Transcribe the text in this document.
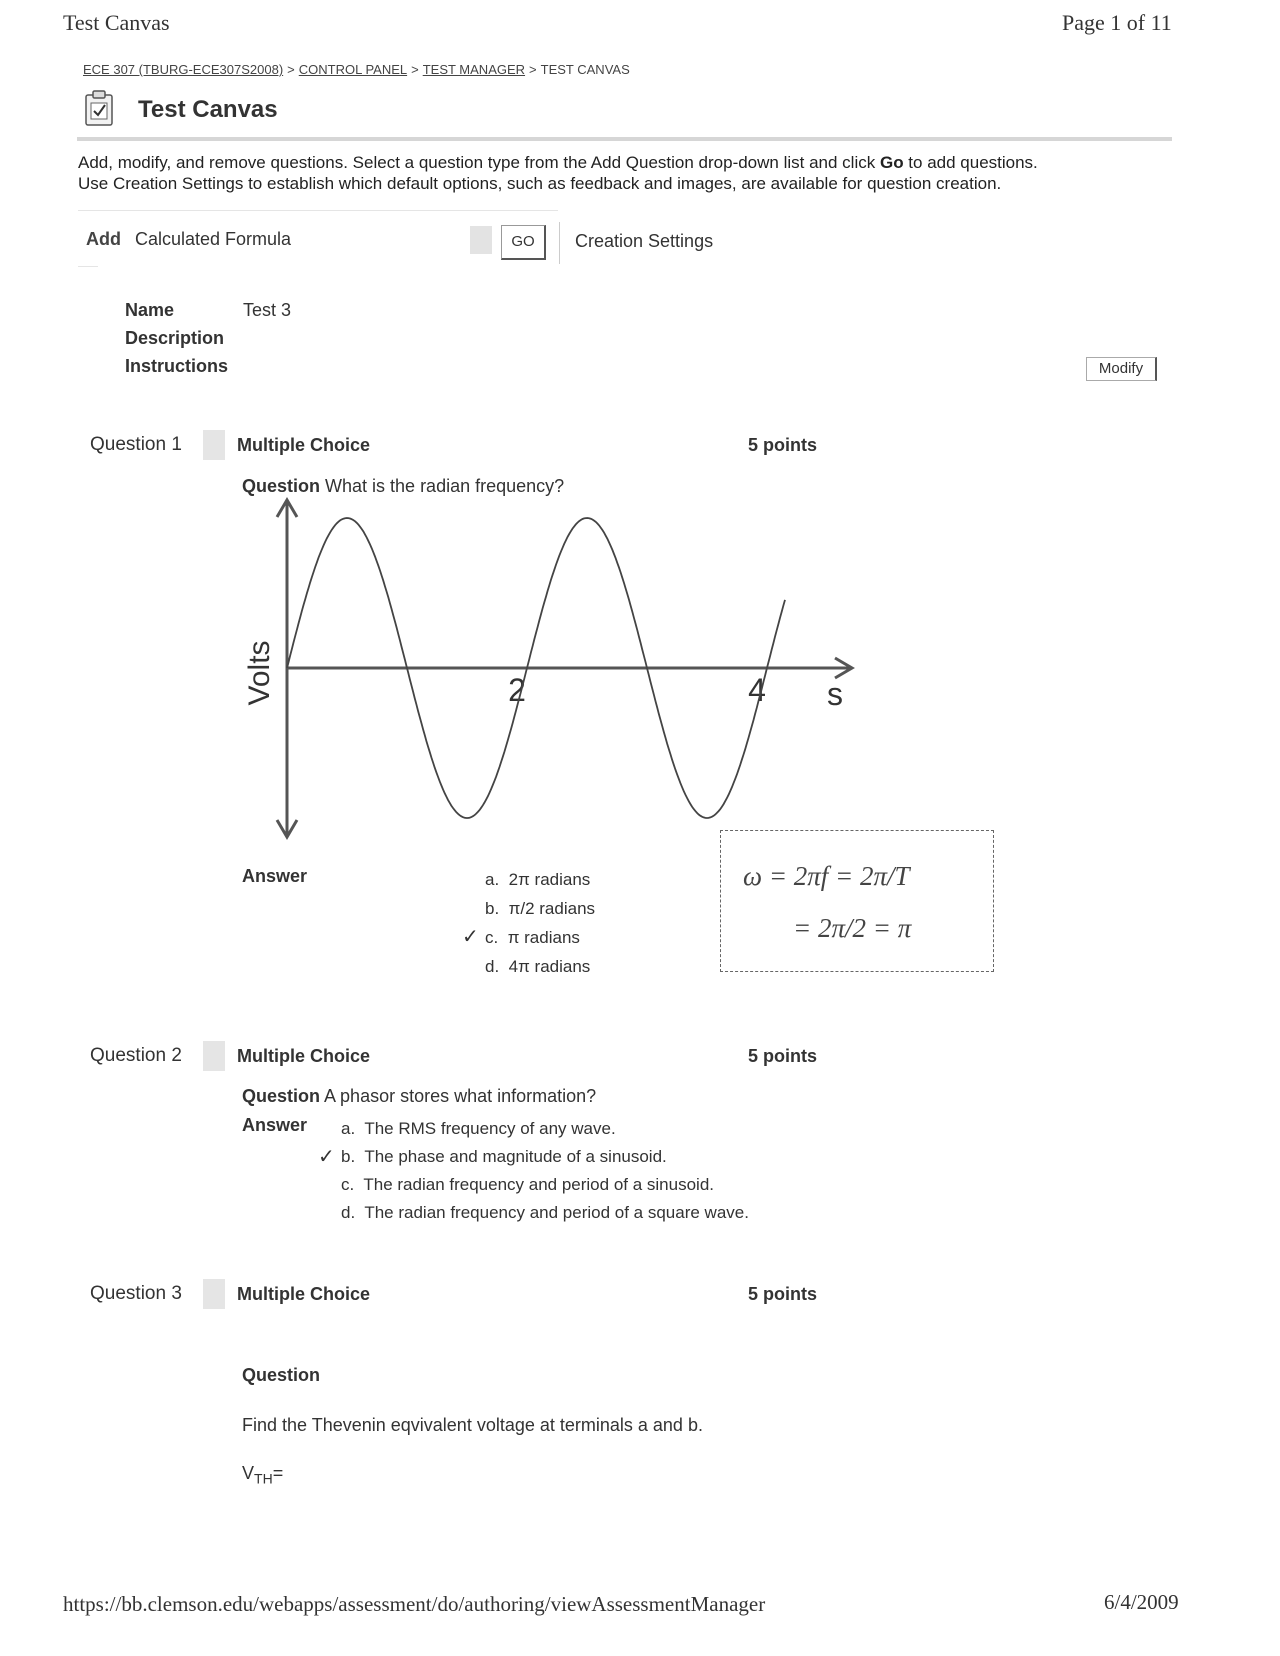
Test Canvas	Page 1 of 11
ECE 307 (TBURG-ECE307S2008) > CONTROL PANEL > TEST MANAGER > TEST CANVAS
Test Canvas
Add, modify, and remove questions. Select a question type from the Add Question drop-down list and click Go to add questions.
Use Creation Settings to establish which default options, such as feedback and images, are available for question creation.
Add Calculated Formula	GO	Creation Settings
Name	Test 3
Description
Instructions	Modify
Question 1	Multiple Choice	5 points
Question What is the radian frequency?
Volts	2	4 s
Answer
✓
a. 2π radians
b. π/2 radians
c. π radians
d. 4π radians
ω = 2πf = 2π/T
= 2π/2 = π
Question 2	Multiple Choice	5 points
Question A phasor stores what information?
Answer
✓
a. The RMS frequency of any wave.
b. The phase and magnitude of a sinusoid.
c. The radian frequency and period of a sinusoid.
d. The radian frequency and period of a square wave.
Question 3	Multiple Choice	5 points
Question
Find the Thevenin eqvivalent voltage at terminals a and b.
$V_{TH}=$
https://bb.clemson.edu/webapps/assessment/do/authoring/viewAssessmentManager	6/4/2009
